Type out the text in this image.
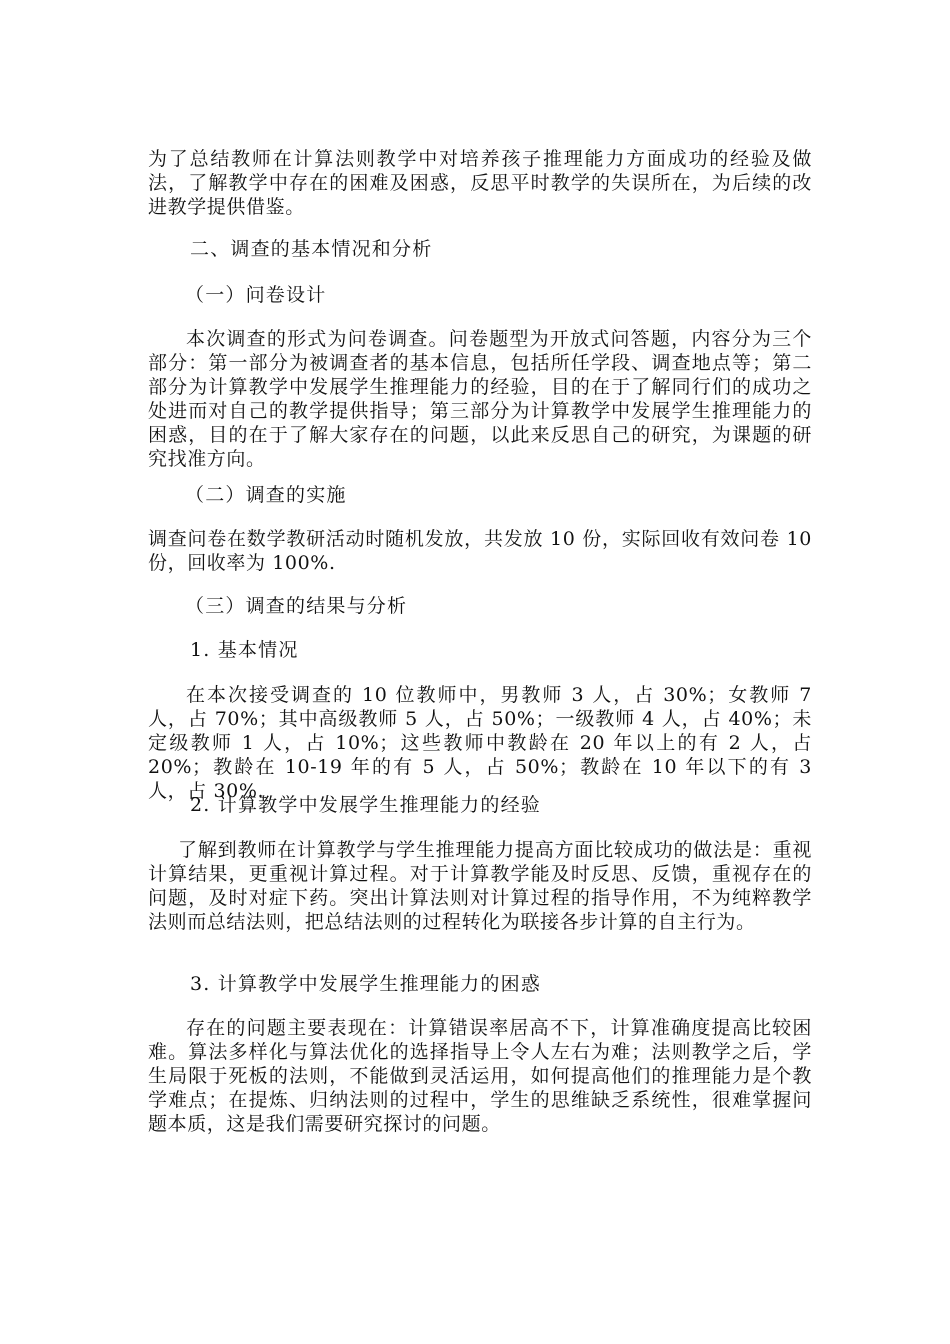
为了总结教师在计算法则教学中对培养孩子推理能力方面成功的经验及做法，了解教学中存在的困难及困惑，反思平时教学的失误所在，为后续的改进教学提供借鉴。

二、调查的基本情况和分析

（一）问卷设计

本次调查的形式为问卷调查。问卷题型为开放式问答题，内容分为三个部分：第一部分为被调查者的基本信息，包括所任学段、调查地点等；第二部分为计算教学中发展学生推理能力的经验，目的在于了解同行们的成功之处进而对自己的教学提供指导；第三部分为计算教学中发展学生推理能力的困惑，目的在于了解大家存在的问题，以此来反思自己的研究，为课题的研究找准方向。

（二）调查的实施

调查问卷在数学教研活动时随机发放，共发放 10 份，实际回收有效问卷 10 份，回收率为 100%.

（三）调查的结果与分析

1. 基本情况

在本次接受调查的 10 位教师中，男教师 3 人，占 30%；女教师 7 人，占 70%；其中高级教师 5 人，占 50%；一级教师 4 人，占 40%；未定级教师 1 人，占 10%；这些教师中教龄在 20 年以上的有 2 人，占 20%；教龄在 10-19 年的有 5 人，占 50%；教龄在 10 年以下的有 3 人，占 30%.

2. 计算教学中发展学生推理能力的经验

了解到教师在计算教学与学生推理能力提高方面比较成功的做法是：重视计算结果，更重视计算过程。对于计算教学能及时反思、反馈，重视存在的问题，及时对症下药。突出计算法则对计算过程的指导作用，不为纯粹教学法则而总结法则，把总结法则的过程转化为联接各步计算的自主行为。

3. 计算教学中发展学生推理能力的困惑

存在的问题主要表现在：计算错误率居高不下，计算准确度提高比较困难。算法多样化与算法优化的选择指导上令人左右为难；法则教学之后，学生局限于死板的法则，不能做到灵活运用，如何提高他们的推理能力是个教学难点；在提炼、归纳法则的过程中，学生的思维缺乏系统性，很难掌握问题本质，这是我们需要研究探讨的问题。
